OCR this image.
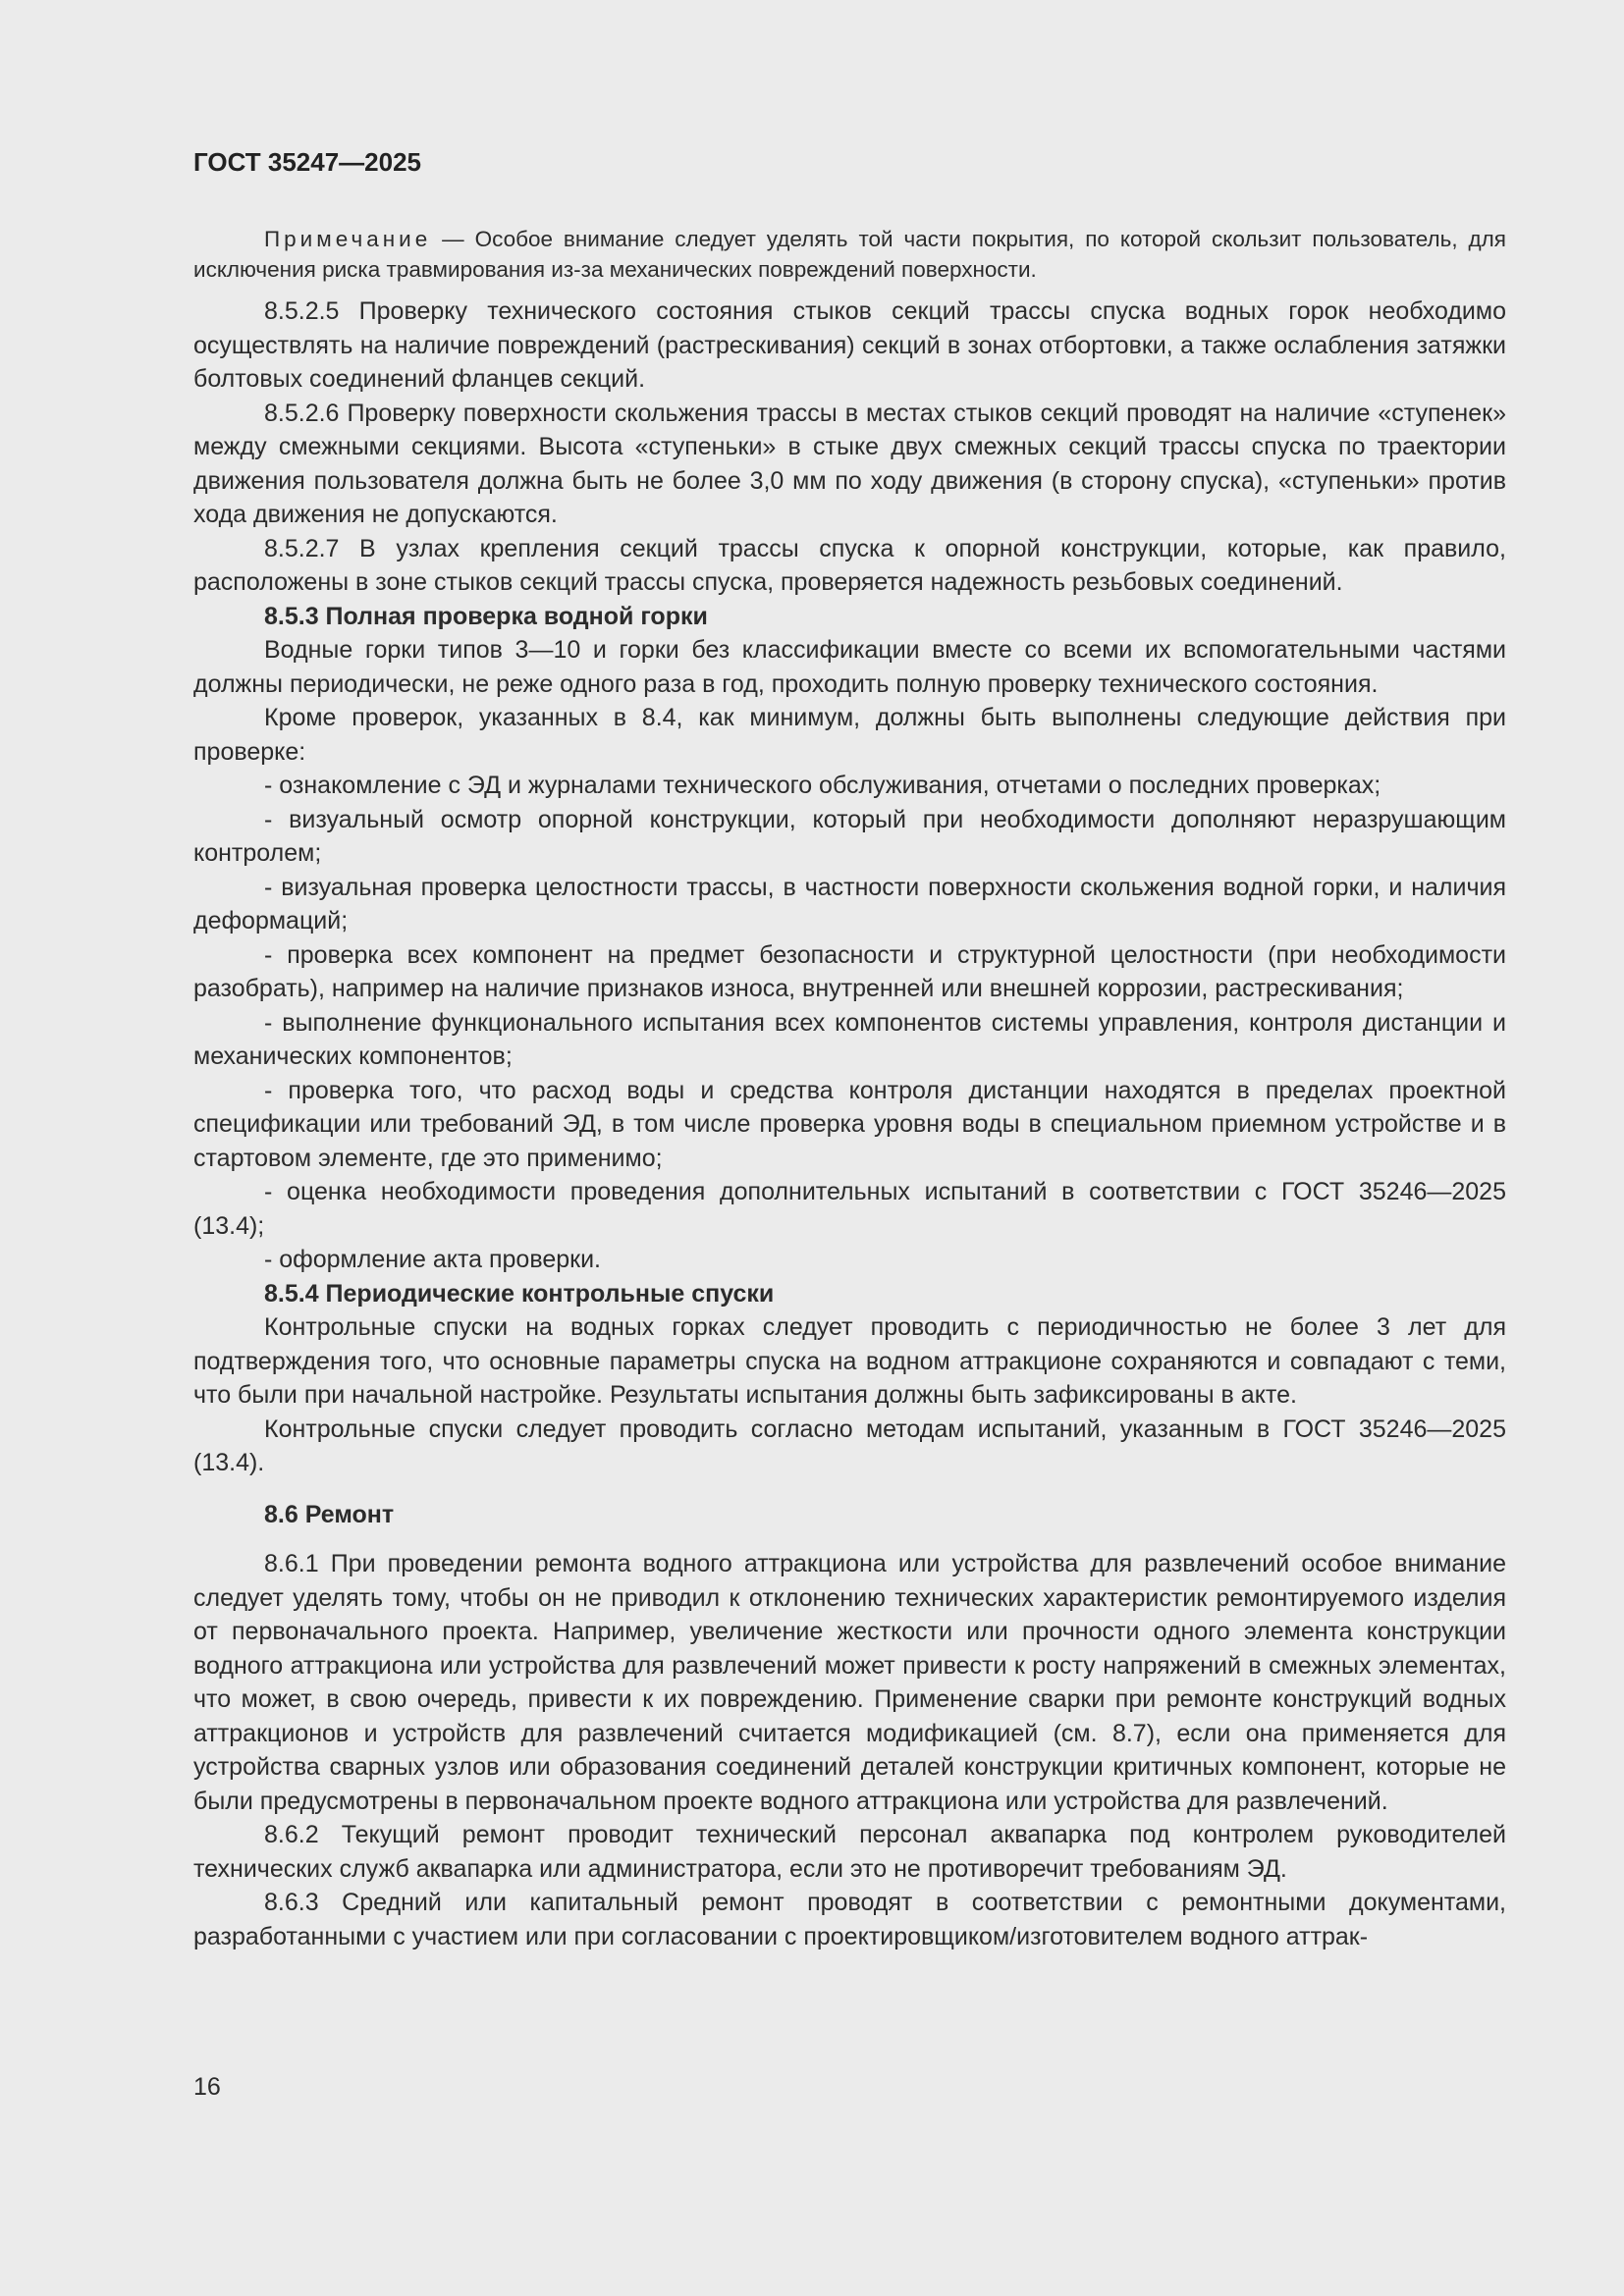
ГОСТ 35247—2025

Примечание — Особое внимание следует уделять той части покрытия, по которой скользит пользователь, для исключения риска травмирования из-за механических повреждений поверхности.

8.5.2.5 Проверку технического состояния стыков секций трассы спуска водных горок необходимо осуществлять на наличие повреждений (растрескивания) секций в зонах отбортовки, а также ослабления затяжки болтовых соединений фланцев секций.

8.5.2.6 Проверку поверхности скольжения трассы в местах стыков секций проводят на наличие «ступенек» между смежными секциями. Высота «ступеньки» в стыке двух смежных секций трассы спуска по траектории движения пользователя должна быть не более 3,0 мм по ходу движения (в сторону спуска), «ступеньки» против хода движения не допускаются.

8.5.2.7 В узлах крепления секций трассы спуска к опорной конструкции, которые, как правило, расположены в зоне стыков секций трассы спуска, проверяется надежность резьбовых соединений.

8.5.3 Полная проверка водной горки

Водные горки типов 3—10 и горки без классификации вместе со всеми их вспомогательными частями должны периодически, не реже одного раза в год, проходить полную проверку технического состояния.

Кроме проверок, указанных в 8.4, как минимум, должны быть выполнены следующие действия при проверке:

- ознакомление с ЭД и журналами технического обслуживания, отчетами о последних проверках;

- визуальный осмотр опорной конструкции, который при необходимости дополняют неразрушающим контролем;

- визуальная проверка целостности трассы, в частности поверхности скольжения водной горки, и наличия деформаций;

- проверка всех компонент на предмет безопасности и структурной целостности (при необходимости разобрать), например на наличие признаков износа, внутренней или внешней коррозии, растрескивания;

- выполнение функционального испытания всех компонентов системы управления, контроля дистанции и механических компонентов;

- проверка того, что расход воды и средства контроля дистанции находятся в пределах проектной спецификации или требований ЭД, в том числе проверка уровня воды в специальном приемном устройстве и в стартовом элементе, где это применимо;

- оценка необходимости проведения дополнительных испытаний в соответствии с ГОСТ 35246—2025 (13.4);

- оформление акта проверки.

8.5.4 Периодические контрольные спуски

Контрольные спуски на водных горках следует проводить с периодичностью не более 3 лет для подтверждения того, что основные параметры спуска на водном аттракционе сохраняются и совпадают с теми, что были при начальной настройке. Результаты испытания должны быть зафиксированы в акте.

Контрольные спуски следует проводить согласно методам испытаний, указанным в ГОСТ 35246—2025 (13.4).

8.6 Ремонт

8.6.1 При проведении ремонта водного аттракциона или устройства для развлечений особое внимание следует уделять тому, чтобы он не приводил к отклонению технических характеристик ремонтируемого изделия от первоначального проекта. Например, увеличение жесткости или прочности одного элемента конструкции водного аттракциона или устройства для развлечений может привести к росту напряжений в смежных элементах, что может, в свою очередь, привести к их повреждению. Применение сварки при ремонте конструкций водных аттракционов и устройств для развлечений считается модификацией (см. 8.7), если она применяется для устройства сварных узлов или образования соединений деталей конструкции критичных компонент, которые не были предусмотрены в первоначальном проекте водного аттракциона или устройства для развлечений.

8.6.2 Текущий ремонт проводит технический персонал аквапарка под контролем руководителей технических служб аквапарка или администратора, если это не противоречит требованиям ЭД.

8.6.3 Средний или капитальный ремонт проводят в соответствии с ремонтными документами, разработанными с участием или при согласовании с проектировщиком/изготовителем водного аттрак-

16
